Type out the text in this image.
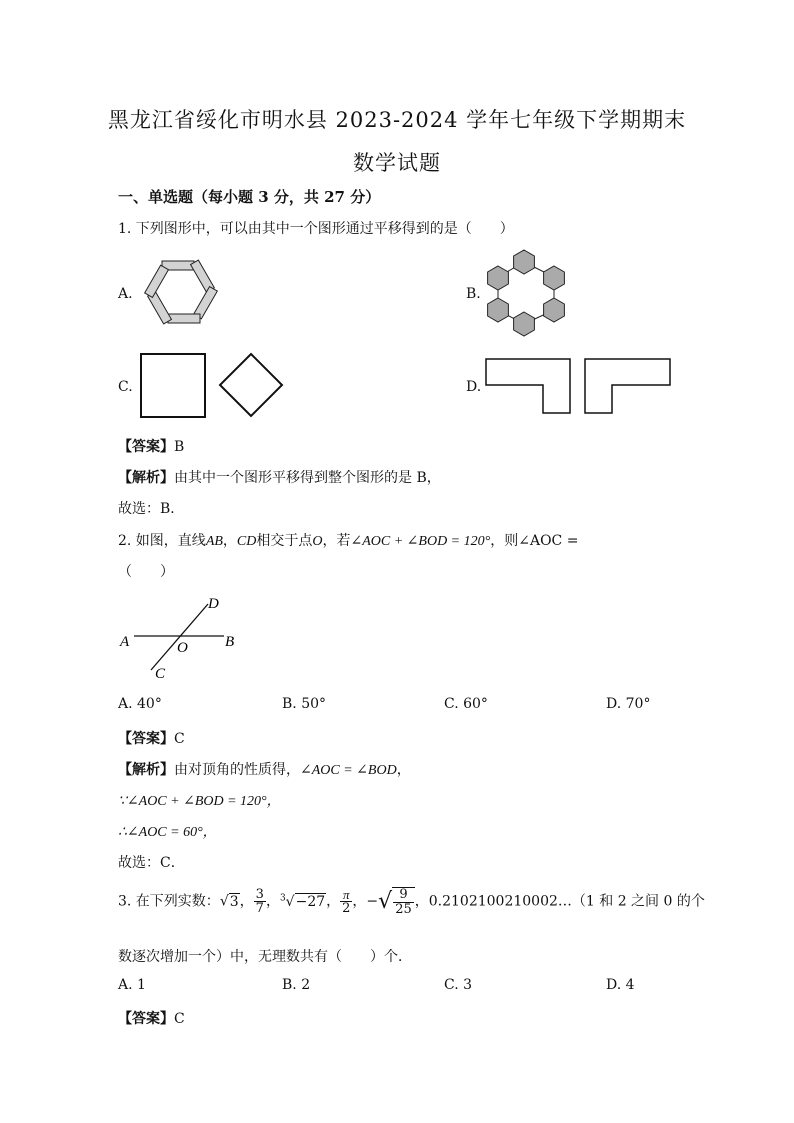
黑龙江省绥化市明水县 2023-2024 学年七年级下学期期末
数学试题
一、单选题（每小题 3 分，共 27 分）
1. 下列图形中，可以由其中一个图形通过平移得到的是（　　）
A.	B.
C.	D.
【答案】B
【解析】由其中一个图形平移得到整个图形的是 B，
故选：B．
2. 如图，直线AB，CD相交于点O，若∠AOC + ∠BOD = 120°，则∠AOC =
（　　）
A	B
D
O
C
A. 40°	B. 50°	C. 60°	D. 70°
【答案】C
【解析】由对顶角的性质得，∠AOC = ∠BOD，
∵∠AOC + ∠BOD = 120°，
∴∠AOC = 60°，
故选：C．
3. 在下列实数：√3， $\frac{3}{7}$ ，$^3$√−27， $\frac{\pi}{2}$ ，−√ $\frac{9}{25}$ ，0.2102100210002…（1 和 2 之间 0 的个
数逐次增加一个）中，无理数共有（　　）个．
A. 1	B. 2	C. 3	D. 4
【答案】C
